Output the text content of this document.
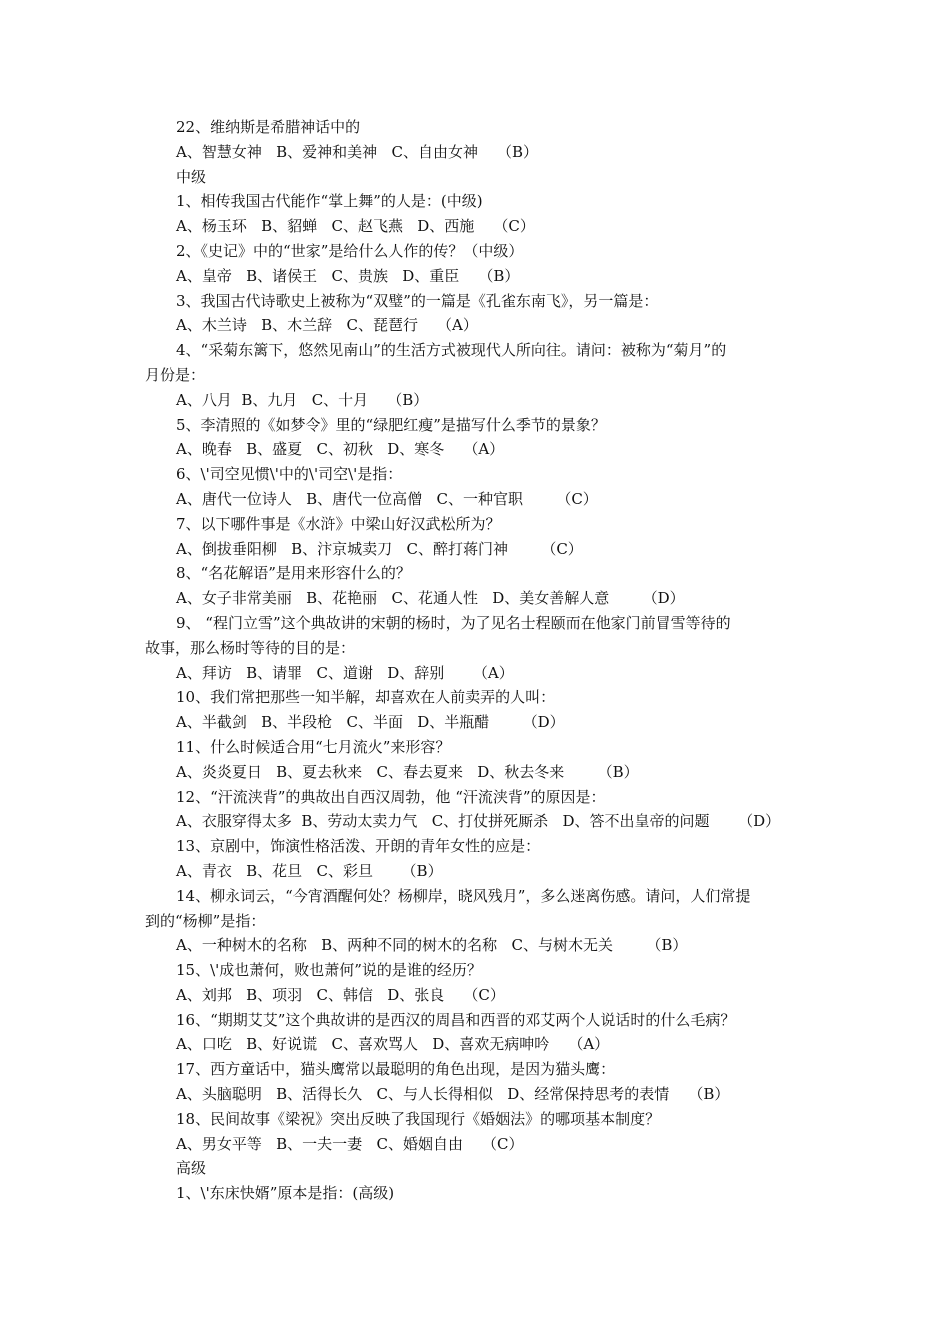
22、维纳斯是希腊神话中的
A、智慧女神   B、爱神和美神   C、自由女神    （B）
中级
1、相传我国古代能作“掌上舞”的人是：(中级)
A、杨玉环   B、貂蝉   C、赵飞燕   D、西施    （C）
2、《史记》中的“世家”是给什么人作的传？（中级）
A、皇帝   B、诸侯王   C、贵族   D、重臣    （B）
3、我国古代诗歌史上被称为“双璧”的一篇是《孔雀东南飞》，另一篇是：
A、木兰诗   B、木兰辞   C、琵琶行    （A）
4、“采菊东篱下，悠然见南山”的生活方式被现代人所向往。请问：被称为“菊月”的
月份是：
A、八月  B、九月   C、十月    （B）
5、李清照的《如梦令》里的“绿肥红瘦”是描写什么季节的景象？
A、晚春   B、盛夏   C、初秋   D、寒冬    （A）
6、\'司空见惯\'中的\'司空\'是指：
A、唐代一位诗人   B、唐代一位高僧   C、一种官职       （C）
7、以下哪件事是《水浒》中梁山好汉武松所为？
A、倒拔垂阳柳   B、汴京城卖刀   C、醉打蒋门神       （C）
8、“名花解语”是用来形容什么的？
A、女子非常美丽   B、花艳丽   C、花通人性   D、美女善解人意       （D）
9、 “程门立雪”这个典故讲的宋朝的杨时，为了见名士程颐而在他家门前冒雪等待的
故事，那么杨时等待的目的是：
A、拜访   B、请罪   C、道谢   D、辞别      （A）
10、我们常把那些一知半解，却喜欢在人前卖弄的人叫：
A、半截剑   B、半段枪   C、半面   D、半瓶醋       （D）
11、什么时候适合用“七月流火”来形容？
A、炎炎夏日   B、夏去秋来   C、春去夏来   D、秋去冬来       （B）
12、“汗流浃背”的典故出自西汉周勃，他 “汗流浃背”的原因是：
A、衣服穿得太多  B、劳动太卖力气   C、打仗拼死厮杀   D、答不出皇帝的问题      （D）
13、京剧中，饰演性格活泼、开朗的青年女性的应是：
A、青衣   B、花旦   C、彩旦      （B）
14、柳永词云，“今宵酒醒何处？杨柳岸，晓风残月”，多么迷离伤感。请问，人们常提
到的“杨柳”是指：
A、一种树木的名称   B、两种不同的树木的名称   C、与树木无关       （B）
15、\'成也萧何，败也萧何”说的是谁的经历？
A、刘邦   B、项羽   C、韩信   D、张良    （C）
16、“期期艾艾”这个典故讲的是西汉的周昌和西晋的邓艾两个人说话时的什么毛病？
A、口吃   B、好说谎   C、喜欢骂人   D、喜欢无病呻吟    （A）
17、西方童话中，猫头鹰常以最聪明的角色出现，是因为猫头鹰：
A、头脑聪明   B、活得长久   C、与人长得相似   D、经常保持思考的表情    （B）
18、民间故事《梁祝》突出反映了我国现行《婚姻法》的哪项基本制度？
A、男女平等   B、一夫一妻   C、婚姻自由    （C）
高级
1、\'东床快婿”原本是指：(高级)
